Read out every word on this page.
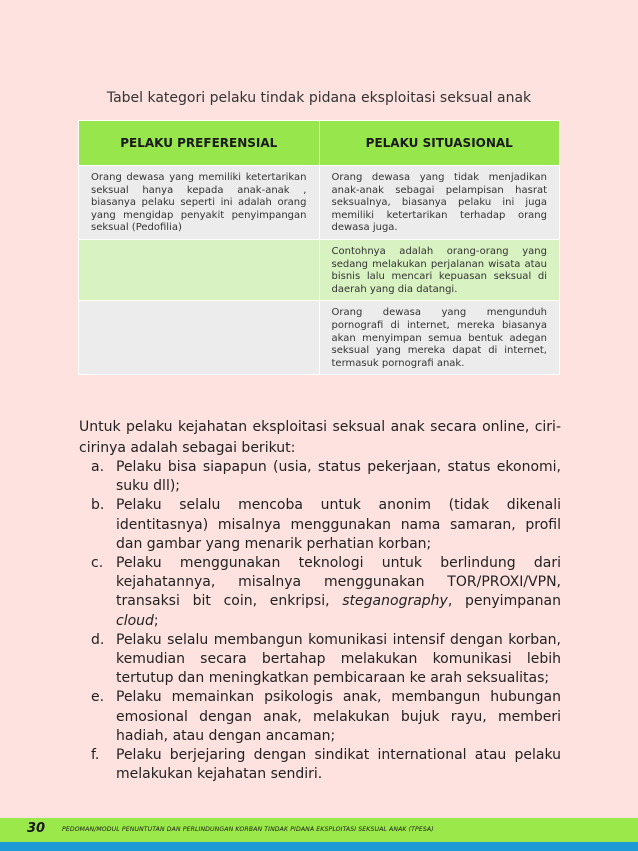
Tabel kategori pelaku tindak pidana eksploitasi seksual anak
PELAKU PREFERENSIAL	PELAKU SITUASIONAL
Orang dewasa yang memiliki ketertarikan seksual hanya kepada anak-anak , biasanya pelaku seperti ini adalah orang yang mengidap penyakit penyimpangan seksual (Pedofilia)	Orang dewasa yang tidak menjadikan anak-anak sebagai pelampisan hasrat seksualnya, biasanya pelaku ini juga memiliki ketertarikan terhadap orang dewasa juga.
	Contohnya adalah orang-orang yang sedang melakukan perjalanan wisata atau bisnis lalu mencari kepuasan seksual di daerah yang dia datangi.
	Orang dewasa yang mengunduh pornografi di internet, mereka biasanya akan menyimpan semua bentuk adegan seksual yang mereka dapat di internet, termasuk pornografi anak.
Untuk pelaku kejahatan eksploitasi seksual anak secara online, ciri-cirinya adalah sebagai berikut:
a. Pelaku bisa siapapun (usia, status pekerjaan, status ekonomi, suku dll);
b. Pelaku selalu mencoba untuk anonim (tidak dikenali identitasnya) misalnya menggunakan nama samaran, profil dan gambar yang menarik perhatian korban;
c. Pelaku menggunakan teknologi untuk berlindung dari kejahatannya, misalnya menggunakan TOR/PROXI/VPN, transaksi bit coin, enkripsi, steganography, penyimpanan cloud;
d. Pelaku selalu membangun komunikasi intensif dengan korban, kemudian secara bertahap melakukan komunikasi lebih tertutup dan meningkatkan pembicaraan ke arah seksualitas;
e. Pelaku memainkan psikologis anak, membangun hubungan emosional dengan anak, melakukan bujuk rayu, memberi hadiah, atau dengan ancaman;
f. Pelaku berjejaring dengan sindikat international atau pelaku melakukan kejahatan sendiri.
30	PEDOMAN/MODUL PENUNTUTAN DAN PERLINDUNGAN KORBAN TINDAK PIDANA EKSPLOITASI SEKSUAL ANAK (TPESA)
